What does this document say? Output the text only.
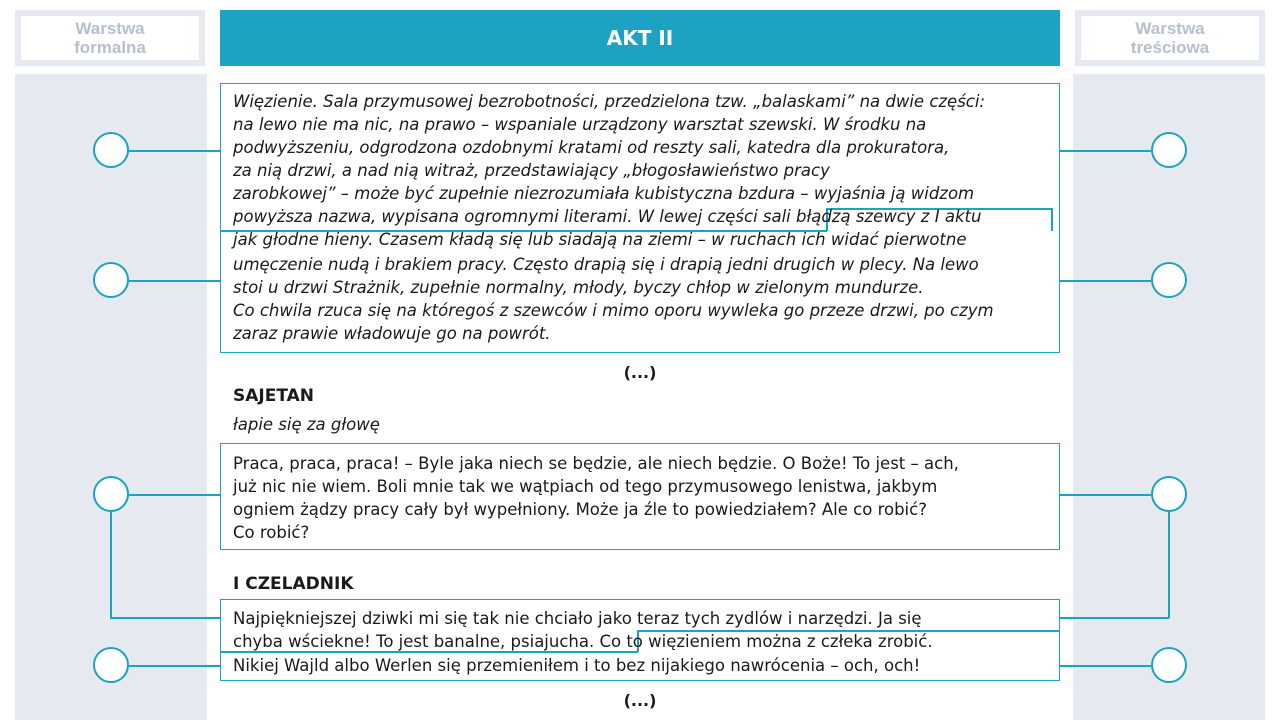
Warstwa
formalna
Warstwa
treściowa
AKT II
Więzienie. Sala przymusowej bezrobotności, przedzielona tzw. „balaskami” na dwie części:
na lewo nie ma nic, na prawo – wspaniale urządzony warsztat szewski. W środku na
podwyższeniu, odgrodzona ozdobnymi kratami od reszty sali, katedra dla prokuratora,
za nią drzwi, a nad nią witraż, przedstawiający „błogosławieństwo pracy
zarobkowej” – może być zupełnie niezrozumiała kubistyczna bzdura – wyjaśnia ją widzom
powyższa nazwa, wypisana ogromnymi literami. W lewej części sali błądzą szewcy z I aktu
jak głodne hieny. Czasem kładą się lub siadają na ziemi – w ruchach ich widać pierwotne
umęczenie nudą i brakiem pracy. Często drapią się i drapią jedni drugich w plecy. Na lewo
stoi u drzwi Strażnik, zupełnie normalny, młody, byczy chłop w zielonym mundurze.
Co chwila rzuca się na któregoś z szewców i mimo oporu wywleka go przeze drzwi, po czym
zaraz prawie władowuje go na powrót.
(...)
SAJETAN
łapie się za głowę
Praca, praca, praca! – Byle jaka niech se będzie, ale niech będzie. O Boże! To jest – ach,
już nic nie wiem. Boli mnie tak we wątpiach od tego przymusowego lenistwa, jakbym
ogniem żądzy pracy cały był wypełniony. Może ja źle to powiedziałem? Ale co robić?
Co robić?
I CZELADNIK
Najpiękniejszej dziwki mi się tak nie chciało jako teraz tych zydlów i narzędzi. Ja się
chyba wściekne! To jest banalne, psiajucha. Co to więzieniem można z człeka zrobić.
Nikiej Wajld albo Werlen się przemieniłem i to bez nijakiego nawrócenia – och, och!
(...)
